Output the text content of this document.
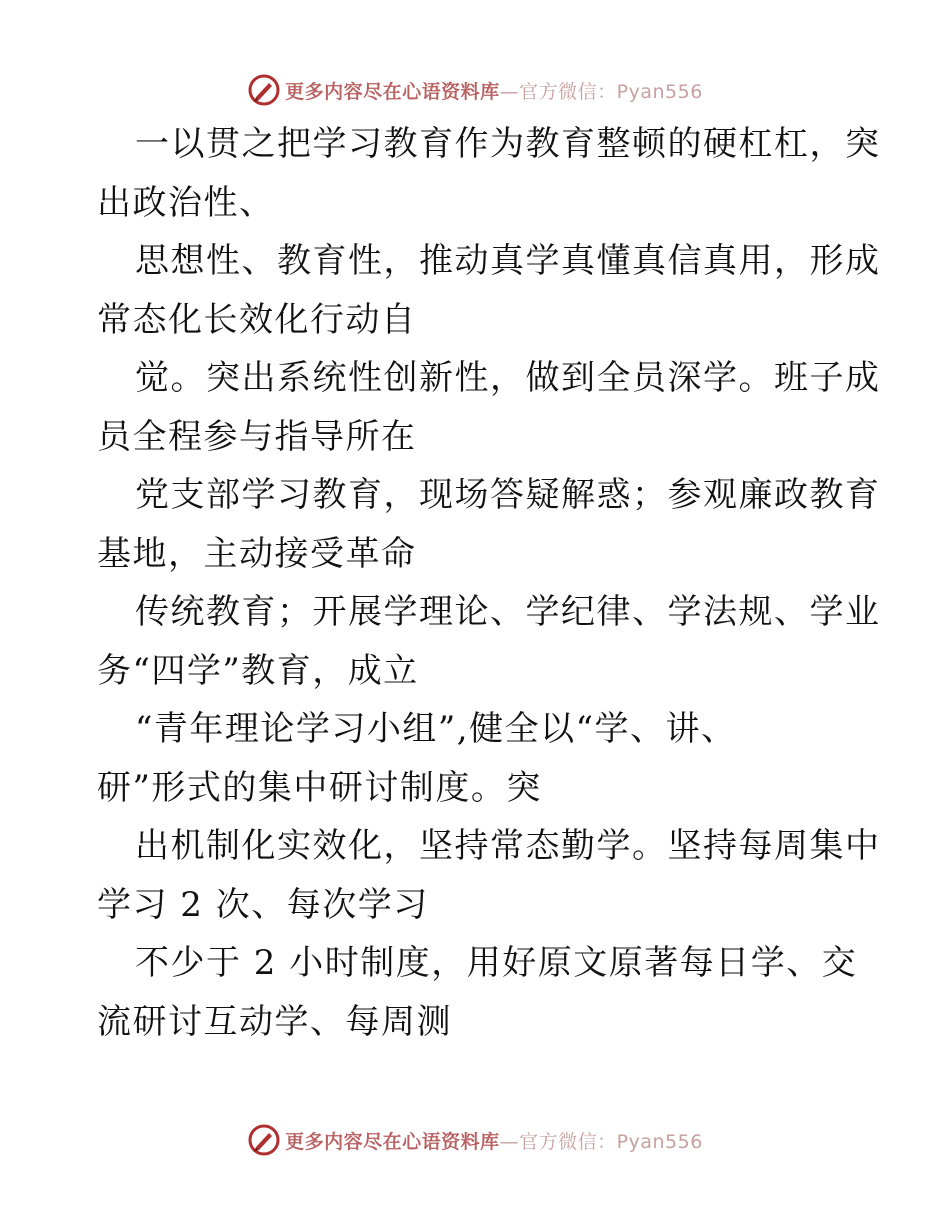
更多内容尽在心语资料库—官方微信：Pyan556
一以贯之把学习教育作为教育整顿的硬杠杠，突
出政治性、
思想性、教育性，推动真学真懂真信真用，形成
常态化长效化行动自
觉。突出系统性创新性，做到全员深学。班子成
员全程参与指导所在
党支部学习教育，现场答疑解惑；参观廉政教育
基地，主动接受革命
传统教育；开展学理论、学纪律、学法规、学业
务“四学”教育，成立
“青年理论学习小组”,健全以“学、讲、
研”形式的集中研讨制度。突
出机制化实效化，坚持常态勤学。坚持每周集中
学习 2 次、每次学习
不少于 2 小时制度，用好原文原著每日学、交
流研讨互动学、每周测
更多内容尽在心语资料库—官方微信：Pyan556
